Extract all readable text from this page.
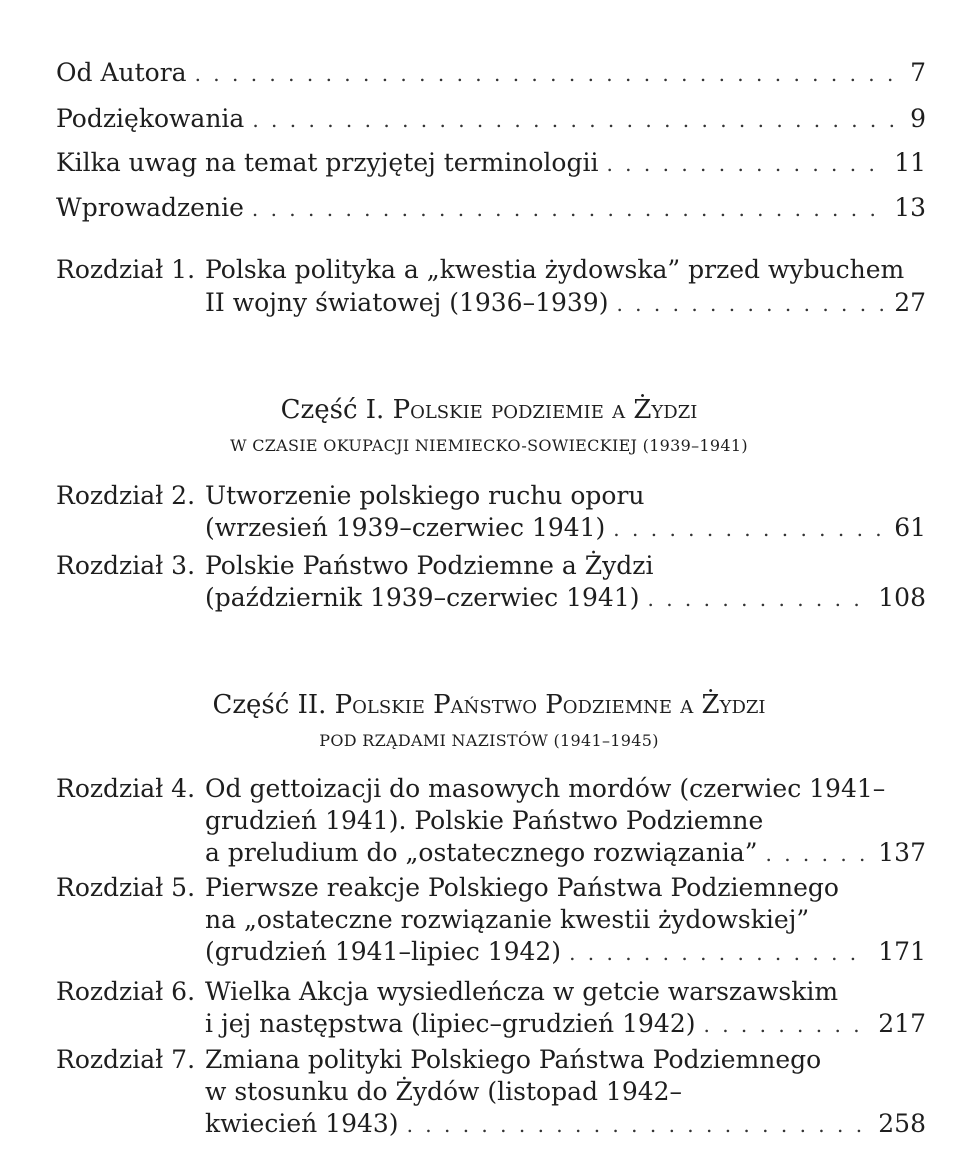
Od Autora . . .	7
Podziękowania . . .	9
Kilka uwag na temat przyjętej terminologii . . .	11
Wprowadzenie . . .	13
Rozdział 1. Polska polityka a „kwestia żydowska” przed wybuchem
II wojny światowej (1936–1939) . . .	27
Część I. Polskie podziemie a Żydzi
W CZASIE OKUPACJI NIEMIECKO-SOWIECKIEJ (1939–1941)
Rozdział 2. Utworzenie polskiego ruchu oporu
(wrzesień 1939–czerwiec 1941) . . .	61
Rozdział 3. Polskie Państwo Podziemne a Żydzi
(październik 1939–czerwiec 1941) . . .	108
Część II. Polskie Państwo Podziemne a Żydzi
POD RZĄDAMI NAZISTÓW (1941–1945)
Rozdział 4. Od gettoizacji do masowych mordów (czerwiec 1941–
grudzień 1941). Polskie Państwo Podziemne
a preludium do „ostatecznego rozwiązania” . . .	137
Rozdział 5. Pierwsze reakcje Polskiego Państwa Podziemnego
na „ostateczne rozwiązanie kwestii żydowskiej”
(grudzień 1941–lipiec 1942) . . .	171
Rozdział 6. Wielka Akcja wysiedleńcza w getcie warszawskim
i jej następstwa (lipiec–grudzień 1942) . . .	217
Rozdział 7. Zmiana polityki Polskiego Państwa Podziemnego
w stosunku do Żydów (listopad 1942–
kwiecień 1943) . . .	258
